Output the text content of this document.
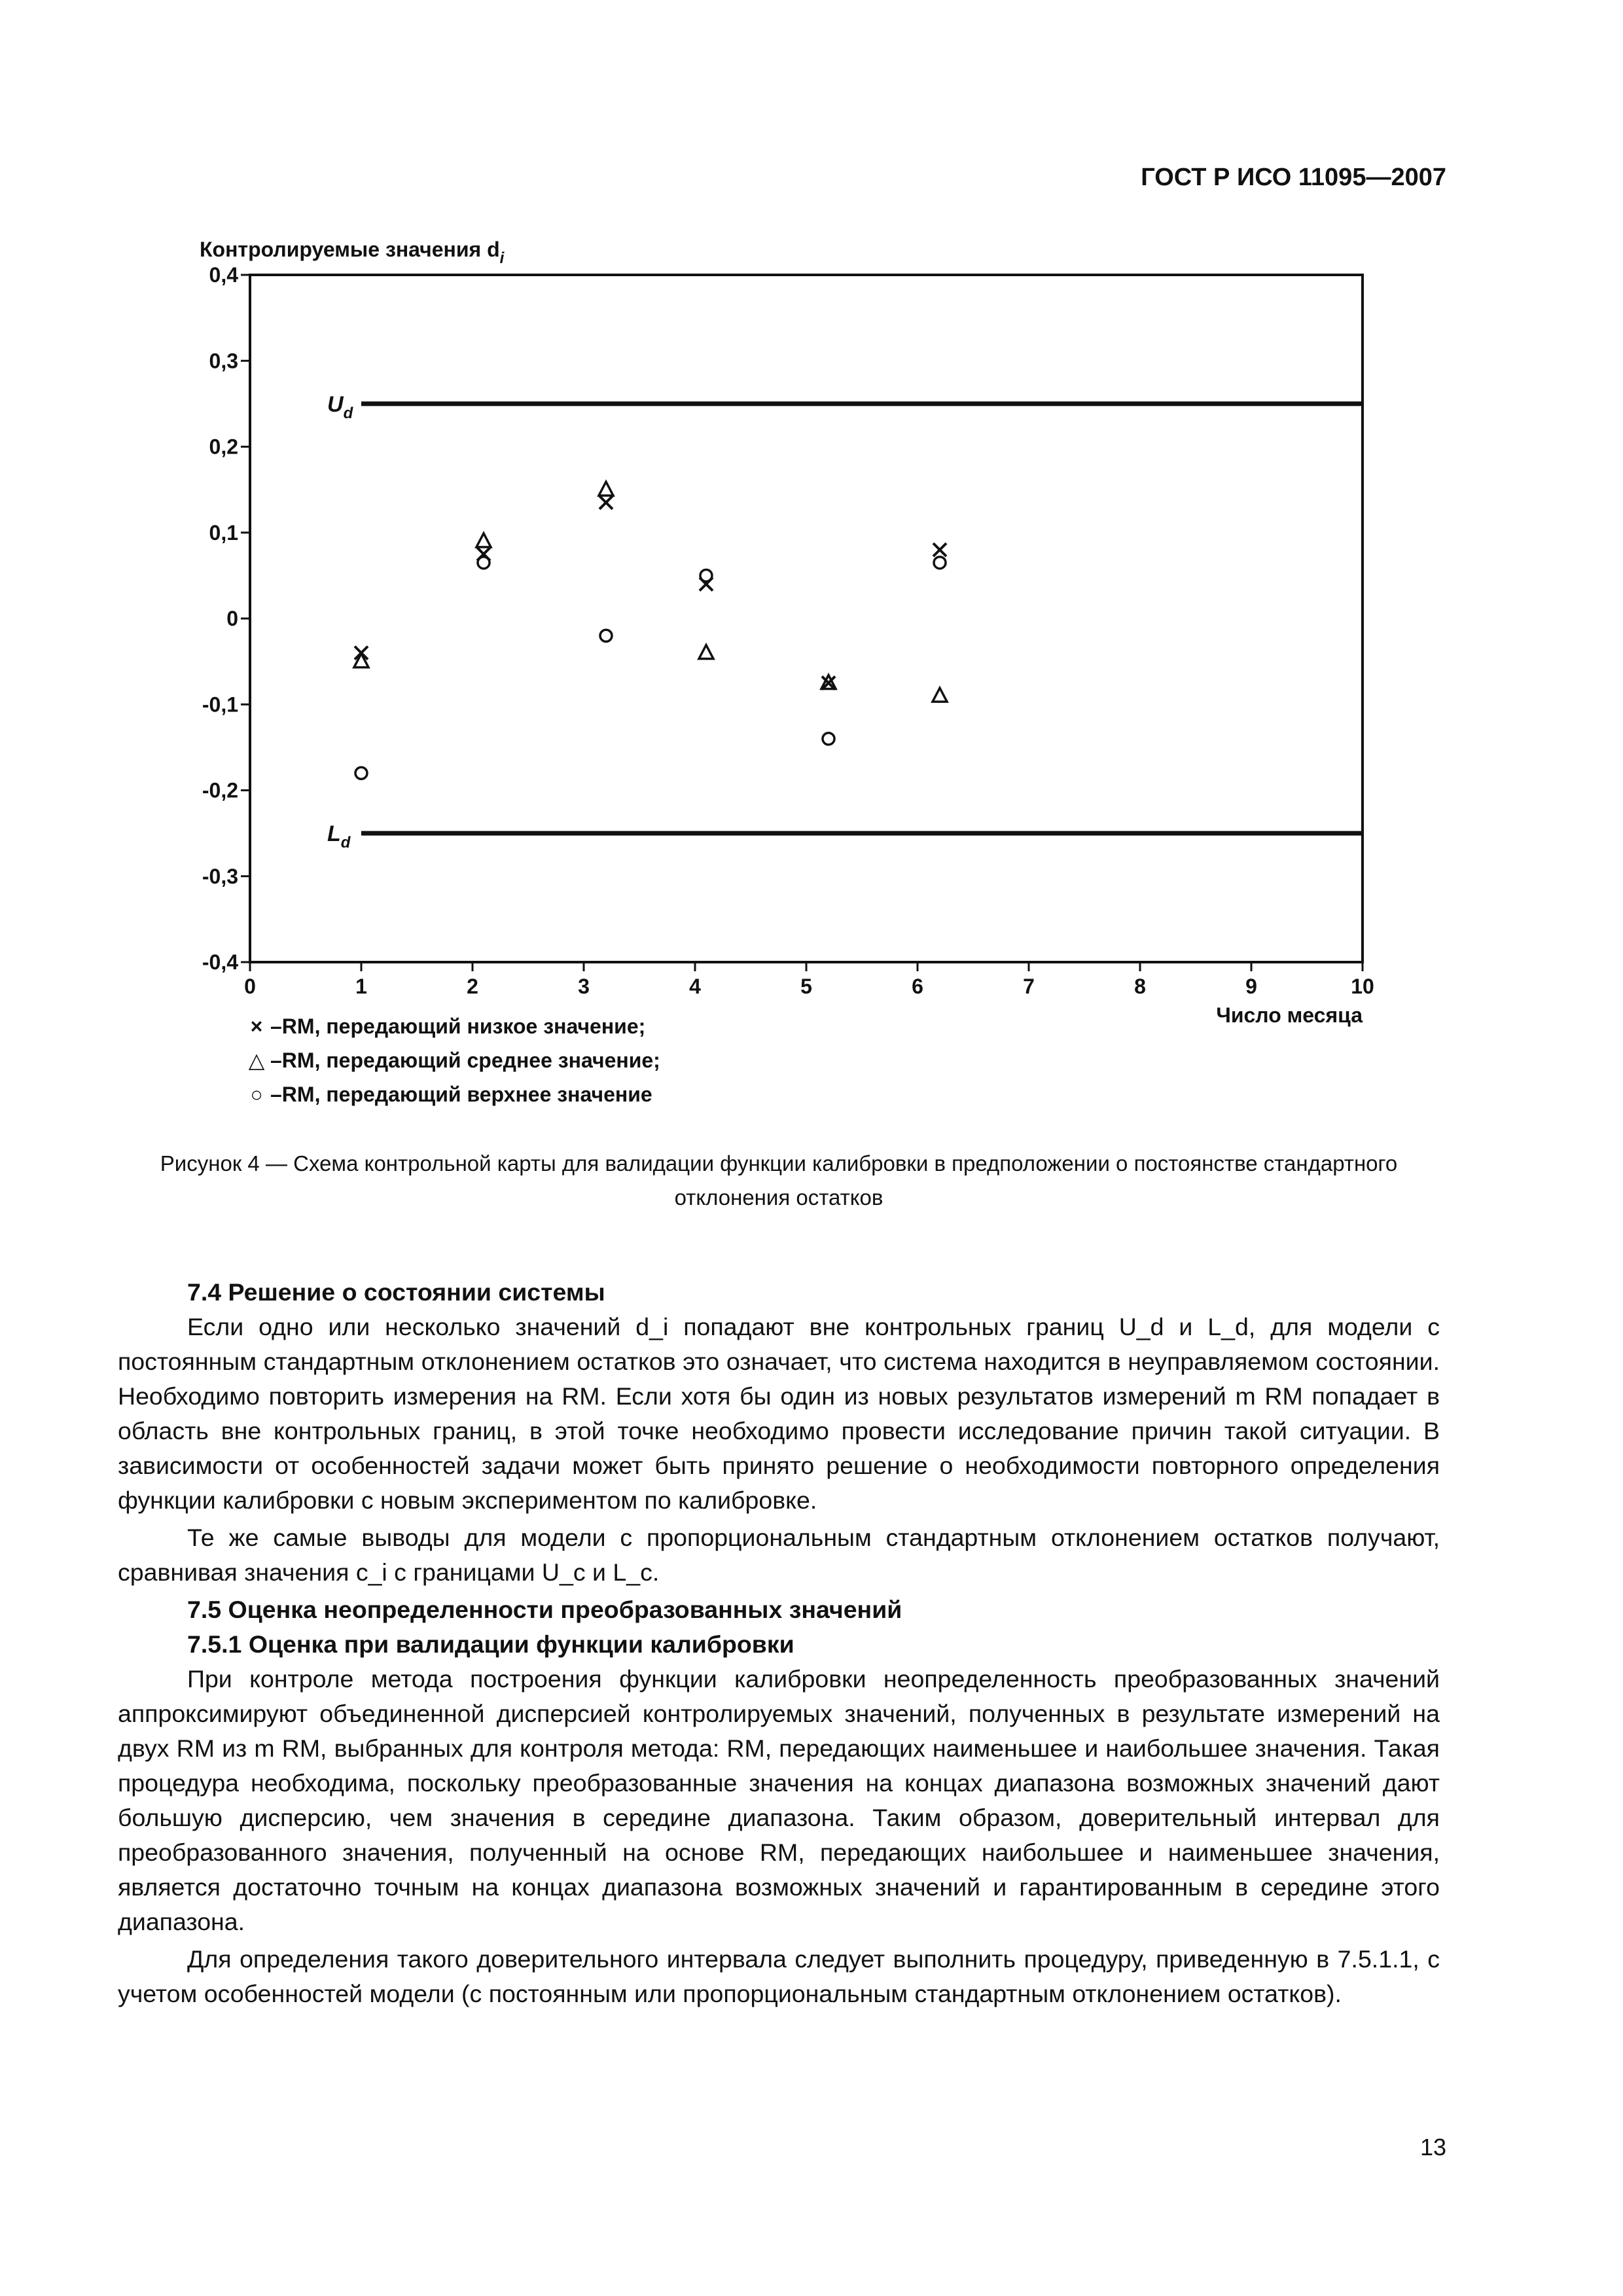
ГОСТ Р ИСО 11095—2007
Контролируемые значения $d_i$
0,4
0,3
0,2
0,1
0
-0,1
-0,2
-0,3
-0,4
0	1	2	3	4	5	6	7	8	9	10
$U_d$
$L_d$
Число месяца
× – RM, передающий низкое значение;
△ – RM, передающий среднее значение;
○ – RM, передающий верхнее значение
Рисунок 4 — Схема контрольной карты для валидации функции калибровки в предположении о постоянстве стандартного отклонения остатков
7.4 Решение о состоянии системы

Если одно или несколько значений d_i попадают вне контрольных границ U_d и L_d, для модели с постоянным стандартным отклонением остатков это означает, что система находится в неуправляемом состоянии. Необходимо повторить измерения на RM. Если хотя бы один из новых результатов измерений m RM попадает в область вне контрольных границ, в этой точке необходимо провести исследование причин такой ситуации. В зависимости от особенностей задачи может быть принято решение о необходимости повторного определения функции калибровки с новым экспериментом по калибровке.

Те же самые выводы для модели с пропорциональным стандартным отклонением остатков получают, сравнивая значения c_i с границами U_c и L_c.

7.5 Оценка неопределенности преобразованных значений
7.5.1 Оценка при валидации функции калибровки

При контроле метода построения функции калибровки неопределенность преобразованных значений аппроксимируют объединенной дисперсией контролируемых значений, полученных в результате измерений на двух RM из m RM, выбранных для контроля метода: RM, передающих наименьшее и наибольшее значения. Такая процедура необходима, поскольку преобразованные значения на концах диапазона возможных значений дают большую дисперсию, чем значения в середине диапазона. Таким образом, доверительный интервал для преобразованного значения, полученный на основе RM, передающих наибольшее и наименьшее значения, является достаточно точным на концах диапазона возможных значений и гарантированным в середине этого диапазона.

Для определения такого доверительного интервала следует выполнить процедуру, приведенную в 7.5.1.1, с учетом особенностей модели (с постоянным или пропорциональным стандартным отклонением остатков).

13
